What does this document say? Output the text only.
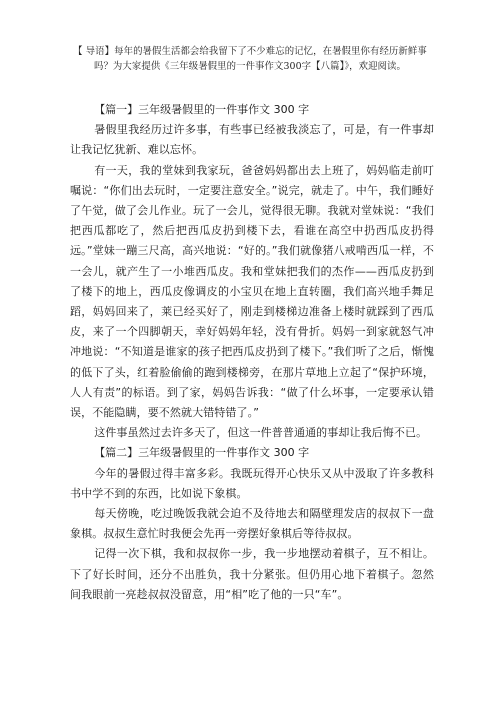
【 导语】每年的暑假生活都会给我留下了不少难忘的记忆，在暑假里你有经历新鲜事吗？为大家提供《三年级暑假里的一件事作文300字【八篇】》，欢迎阅读。
【篇一】三年级暑假里的一件事作文 300 字

暑假里我经历过许多事，有些事已经被我淡忘了，可是，有一件事却让我记忆犹新、难以忘怀。

有一天，我的堂妹到我家玩，爸爸妈妈都出去上班了，妈妈临走前叮嘱说：“你们出去玩时，一定要注意安全。”说完，就走了。中午，我们睡好了午觉，做了会儿作业。玩了一会儿，觉得很无聊。我就对堂妹说：“我们把西瓜都吃了，然后把西瓜皮扔到楼下去，看谁在高空中扔西瓜皮扔得远。”堂妹一蹦三尺高，高兴地说：“好的。”我们就像猪八戒啃西瓜一样，不一会儿，就产生了一小堆西瓜皮。我和堂妹把我们的杰作——西瓜皮扔到了楼下的地上，西瓜皮像调皮的小宝贝在地上直转圈，我们高兴地手舞足蹈，妈妈回来了，莱已经买好了，刚走到楼梯边准备上楼时就踩到了西瓜皮，来了一个四脚朝天，幸好妈妈年轻，没有骨折。妈妈一到家就怒气冲冲地说：“不知道是谁家的孩子把西瓜皮扔到了楼下。”我们听了之后，惭愧的低下了头，红着脸偷偷的跑到楼梯旁，在那片草地上立起了“保护环境，人人有责”的标语。到了家，妈妈告诉我：“做了什么坏事，一定要承认错误，不能隐瞒，要不然就大错特错了。”

这件事虽然过去许多天了，但这一件普普通通的事却让我后悔不已。

【篇二】三年级暑假里的一件事作文 300 字

今年的暑假过得丰富多彩。我既玩得开心快乐又从中汲取了许多教科书中学不到的东西，比如说下象棋。

每天傍晚，吃过晚饭我就会迫不及待地去和隔壁理发店的叔叔下一盘象棋。叔叔生意忙时我便会先再一旁摆好象棋后等待叔叔。

记得一次下棋，我和叔叔你一步，我一步地摆动着棋子，互不相让。下了好长时间，还分不出胜负，我十分紧张。但仍用心地下着棋子。忽然间我眼前一亮趁叔叔没留意，用“相”吃了他的一只“车”。
